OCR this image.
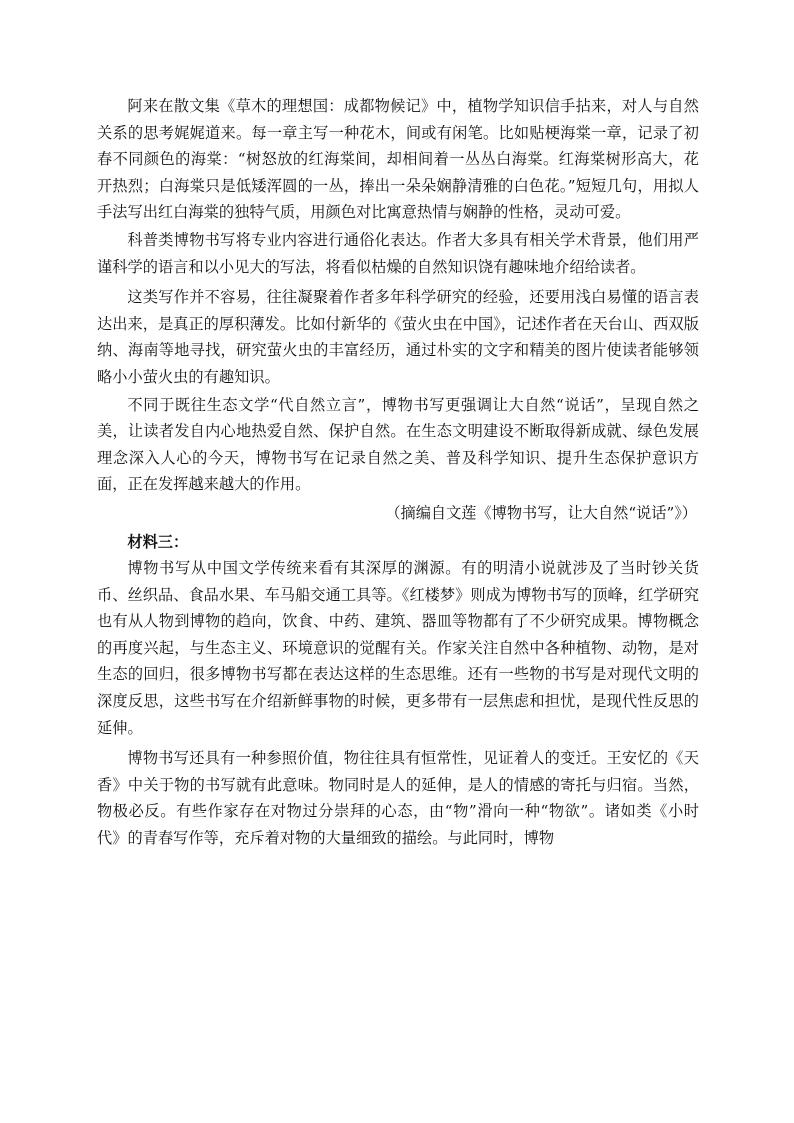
阿来在散文集《草木的理想国：成都物候记》中，植物学知识信手拈来，对人与自然关系的思考娓娓道来。每一章主写一种花木，间或有闲笔。比如贴梗海棠一章，记录了初春不同颜色的海棠：“树怒放的红海棠间，却相间着一丛丛白海棠。红海棠树形高大，花开热烈；白海棠只是低矮浑圆的一丛，捧出一朵朵娴静清雅的白色花。”短短几句，用拟人手法写出红白海棠的独特气质，用颜色对比寓意热情与娴静的性格，灵动可爱。

科普类博物书写将专业内容进行通俗化表达。作者大多具有相关学术背景，他们用严谨科学的语言和以小见大的写法，将看似枯燥的自然知识饶有趣味地介绍给读者。

这类写作并不容易，往往凝聚着作者多年科学研究的经验，还要用浅白易懂的语言表达出来，是真正的厚积薄发。比如付新华的《萤火虫在中国》，记述作者在天台山、西双版纳、海南等地寻找，研究萤火虫的丰富经历，通过朴实的文字和精美的图片使读者能够领略小小萤火虫的有趣知识。

不同于既往生态文学“代自然立言”，博物书写更强调让大自然“说话”，呈现自然之美，让读者发自内心地热爱自然、保护自然。在生态文明建设不断取得新成就、绿色发展理念深入人心的今天，博物书写在记录自然之美、普及科学知识、提升生态保护意识方面，正在发挥越来越大的作用。

（摘编自文莲《博物书写，让大自然“说话”》）

材料三：

博物书写从中国文学传统来看有其深厚的渊源。有的明清小说就涉及了当时钞关货币、丝织品、食品水果、车马船交通工具等。《红楼梦》则成为博物书写的顶峰，红学研究也有从人物到博物的趋向，饮食、中药、建筑、器皿等物都有了不少研究成果。博物概念的再度兴起，与生态主义、环境意识的觉醒有关。作家关注自然中各种植物、动物，是对生态的回归，很多博物书写都在表达这样的生态思维。还有一些物的书写是对现代文明的深度反思，这些书写在介绍新鲜事物的时候，更多带有一层焦虑和担忧，是现代性反思的延伸。

博物书写还具有一种参照价值，物往往具有恒常性，见证着人的变迁。王安忆的《天香》中关于物的书写就有此意味。物同时是人的延伸，是人的情感的寄托与归宿。当然，物极必反。有些作家存在对物过分崇拜的心态，由“物”滑向一种“物欲”。诸如类《小时代》的青春写作等，充斥着对物的大量细致的描绘。与此同时，博物
